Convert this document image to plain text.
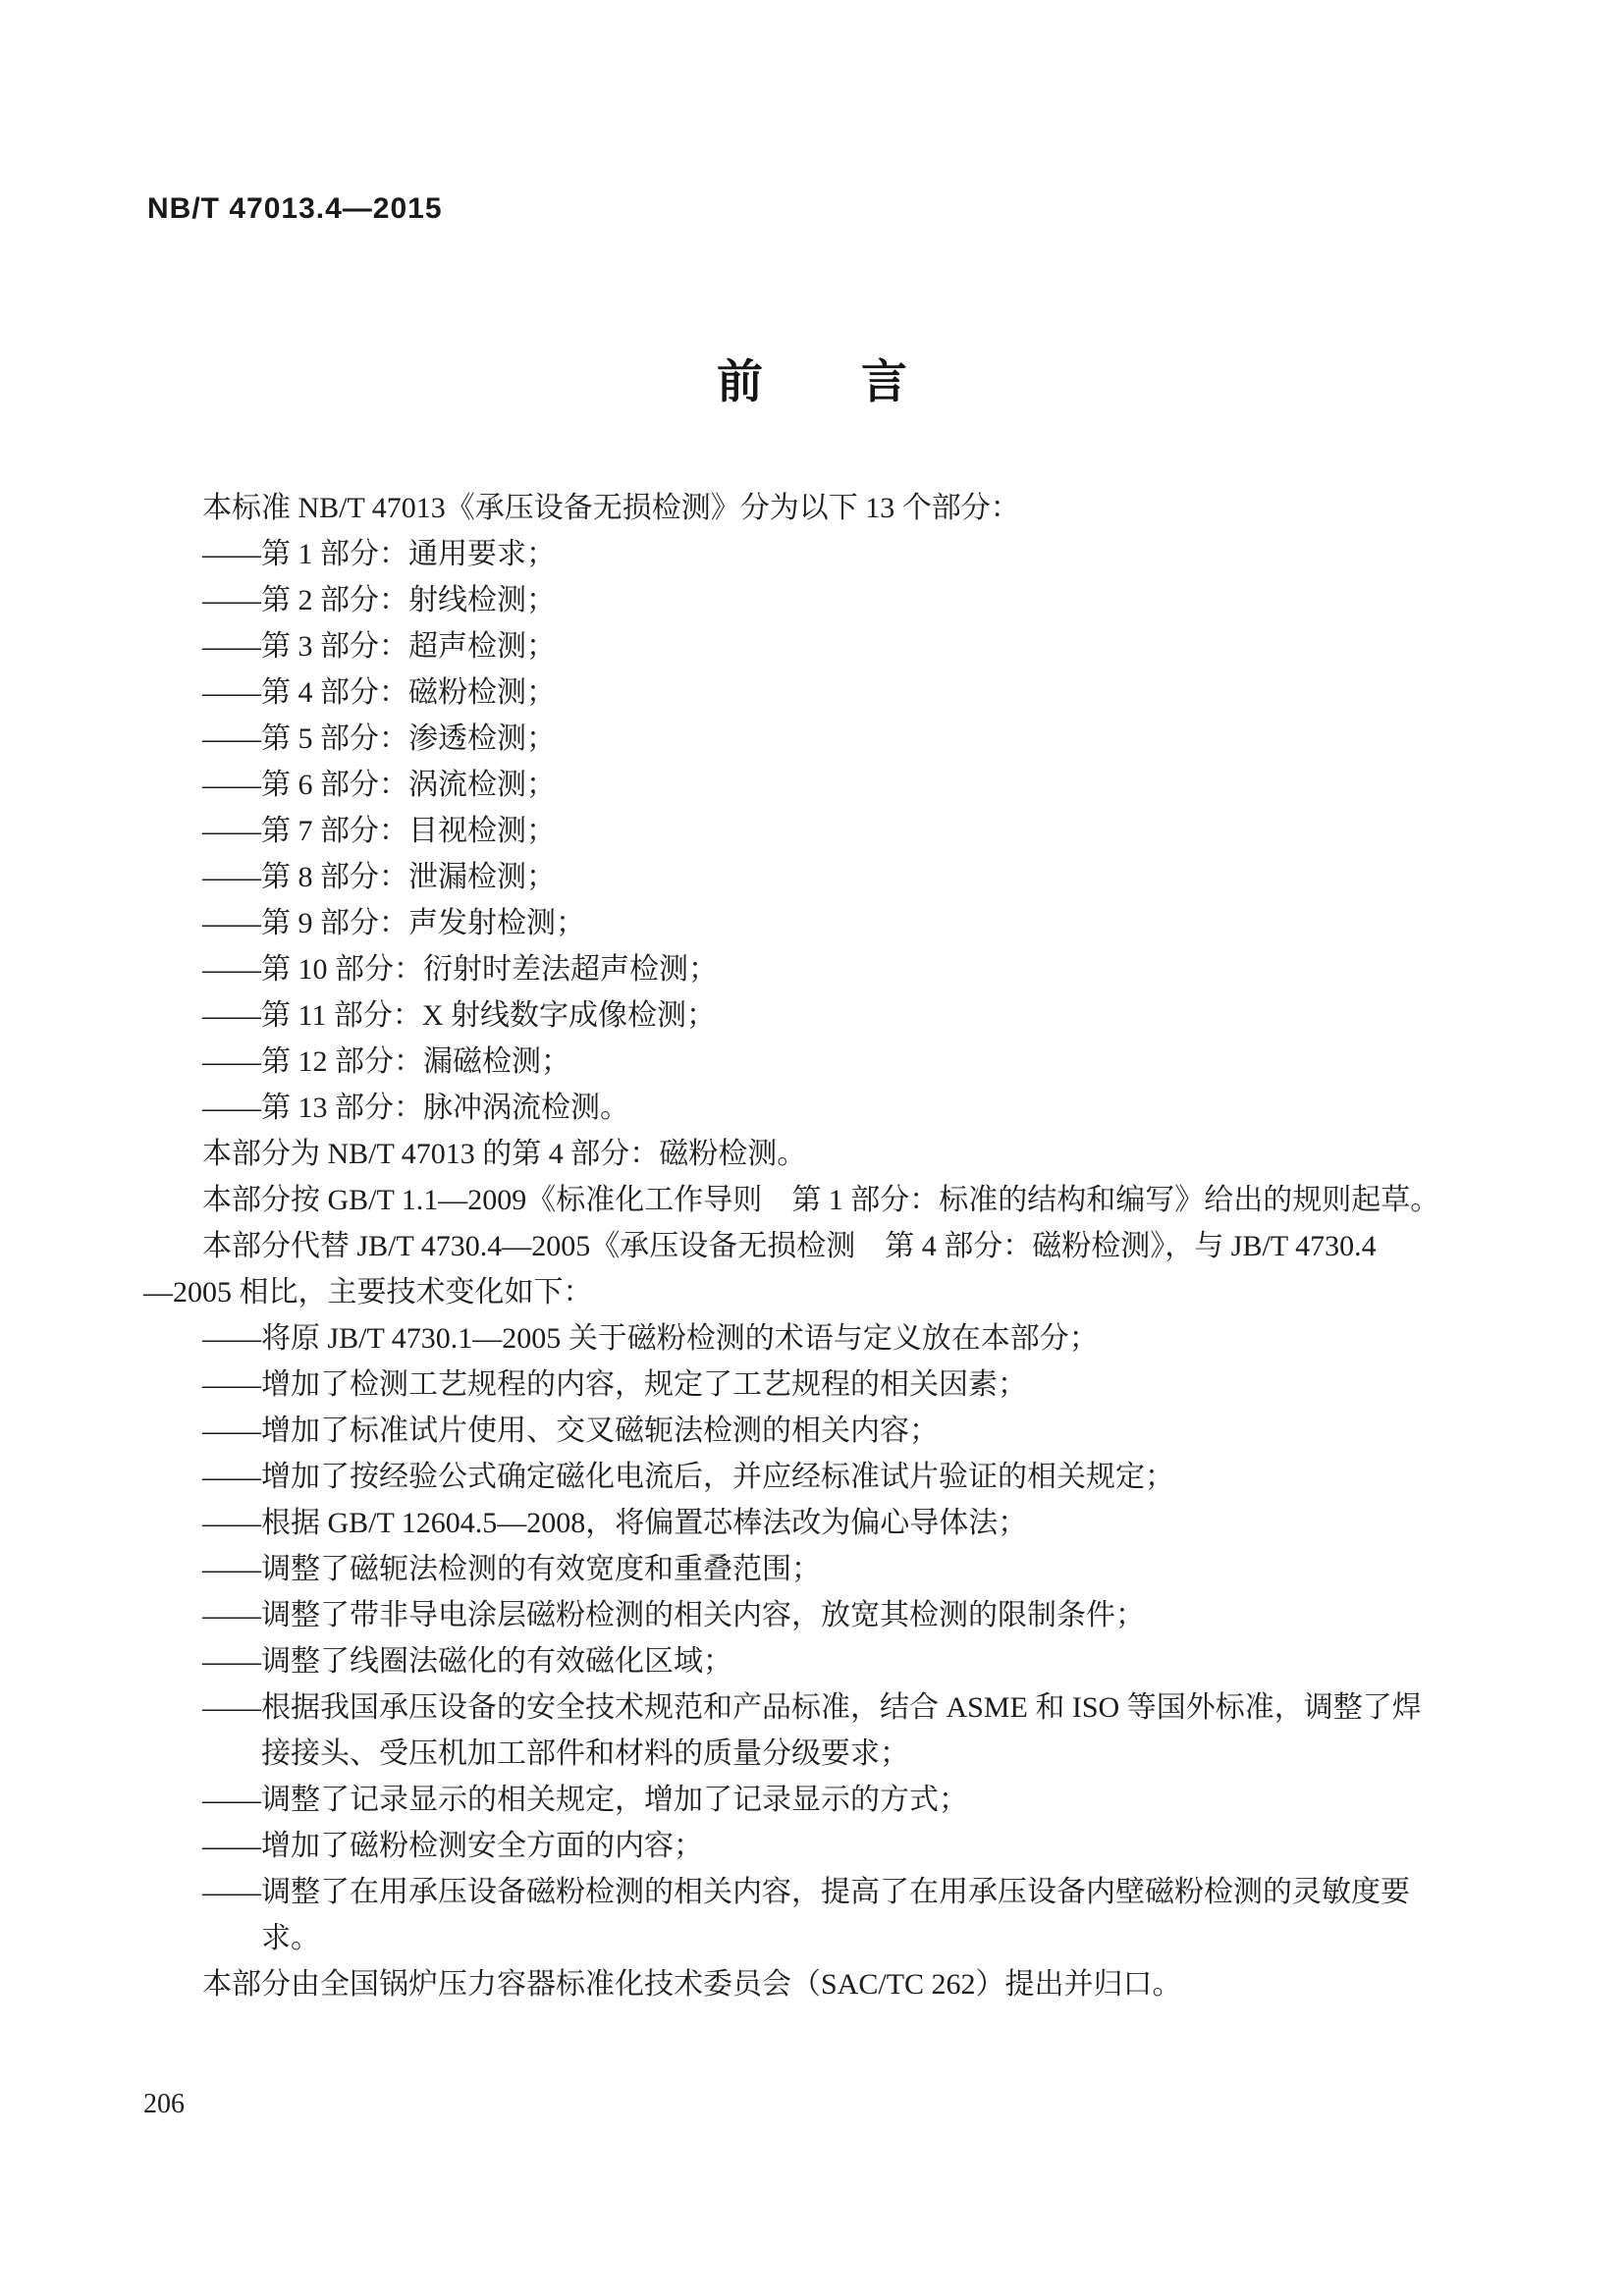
NB/T 47013.4—2015
前 言
本标准 NB/T 47013《承压设备无损检测》分为以下 13 个部分：
——第 1 部分：通用要求；
——第 2 部分：射线检测；
——第 3 部分：超声检测；
——第 4 部分：磁粉检测；
——第 5 部分：渗透检测；
——第 6 部分：涡流检测；
——第 7 部分：目视检测；
——第 8 部分：泄漏检测；
——第 9 部分：声发射检测；
——第 10 部分：衍射时差法超声检测；
——第 11 部分：X 射线数字成像检测；
——第 12 部分：漏磁检测；
——第 13 部分：脉冲涡流检测。
本部分为 NB/T 47013 的第 4 部分：磁粉检测。
本部分按 GB/T 1.1—2009《标准化工作导则　第 1 部分：标准的结构和编写》给出的规则起草。
本部分代替 JB/T 4730.4—2005《承压设备无损检测　第 4 部分：磁粉检测》，与 JB/T 4730.4
—2005 相比，主要技术变化如下：
——将原 JB/T 4730.1—2005 关于磁粉检测的术语与定义放在本部分；
——增加了检测工艺规程的内容，规定了工艺规程的相关因素；
——增加了标准试片使用、交叉磁轭法检测的相关内容；
——增加了按经验公式确定磁化电流后，并应经标准试片验证的相关规定；
——根据 GB/T 12604.5—2008，将偏置芯棒法改为偏心导体法；
——调整了磁轭法检测的有效宽度和重叠范围；
——调整了带非导电涂层磁粉检测的相关内容，放宽其检测的限制条件；
——调整了线圈法磁化的有效磁化区域；
——根据我国承压设备的安全技术规范和产品标准，结合 ASME 和 ISO 等国外标准，调整了焊
接接头、受压机加工部件和材料的质量分级要求；
——调整了记录显示的相关规定，增加了记录显示的方式；
——增加了磁粉检测安全方面的内容；
——调整了在用承压设备磁粉检测的相关内容，提高了在用承压设备内壁磁粉检测的灵敏度要
求。
本部分由全国锅炉压力容器标准化技术委员会（SAC/TC 262）提出并归口。
206
